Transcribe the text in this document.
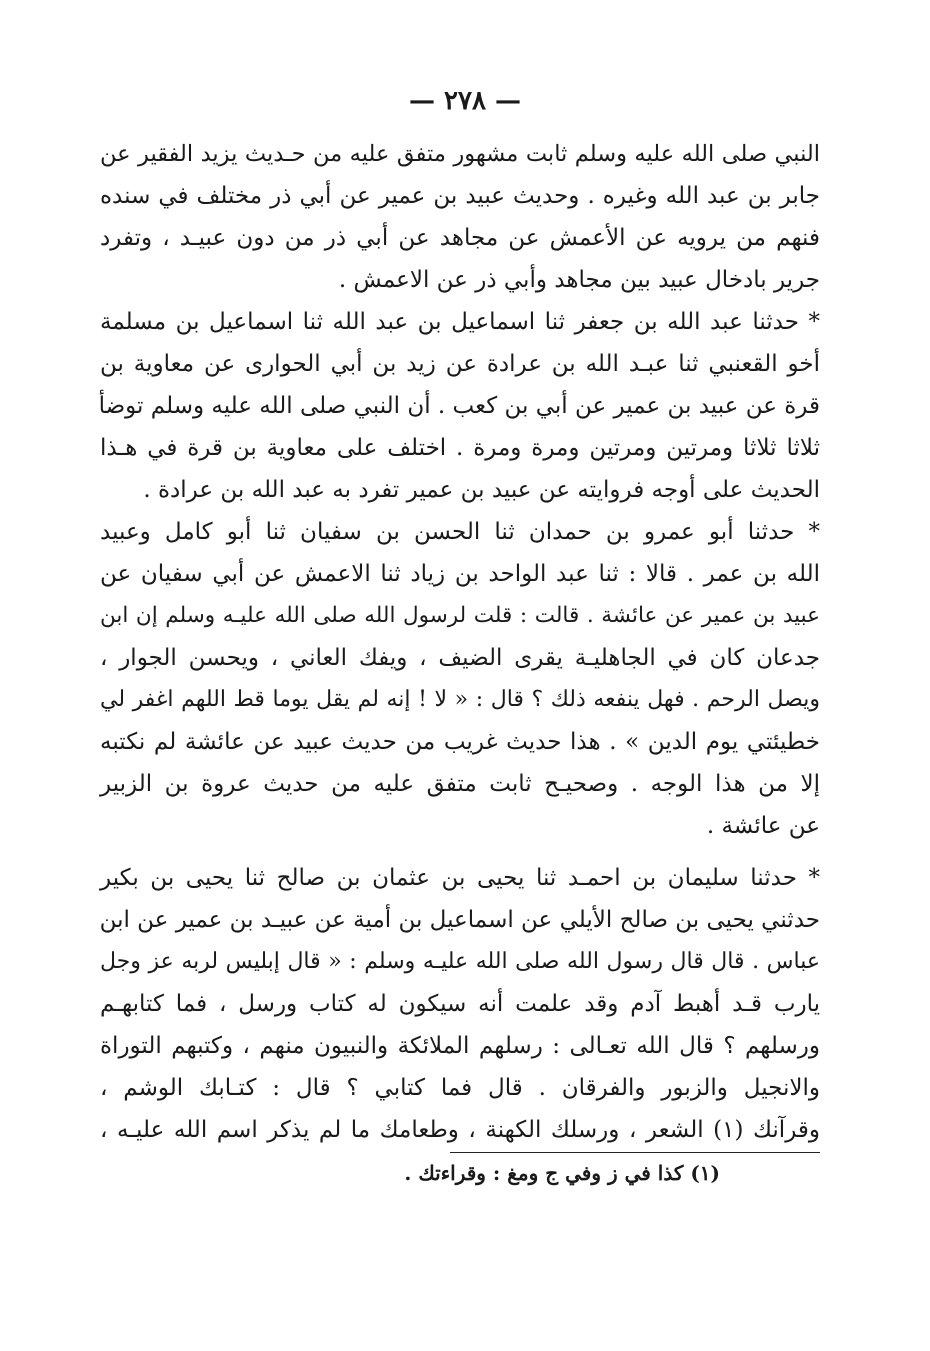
— ٢٧٨ —
النبي صلى الله عليه وسلم ثابت مشهور متفق عليه من حـديث يزيد الفقير عن
جابر بن عبد الله وغيره . وحديث عبيد بن عمير عن أبي ذر مختلف في سنده
فنهم من يرويه عن الأعمش عن مجاهد عن أبي ذر من دون عبيـد ، وتفرد
جرير بادخال عبيد بين مجاهد وأبي ذر عن الاعمش .
* حدثنا عبد الله بن جعفر ثنا اسماعيل بن عبد الله ثنا اسماعيل بن مسلمة
أخو القعنبي ثنا عبـد الله بن عرادة عن زيد بن أبي الحوارى عن معاوية بن
قرة عن عبيد بن عمير عن أبي بن كعب . أن النبي صلى الله عليه وسلم توضأ
ثلاثا ثلاثا ومرتين ومرتين ومرة ومرة . اختلف على معاوية بن قرة في هـذا
الحديث على أوجه فروايته عن عبيد بن عمير تفرد به عبد الله بن عرادة .
* حدثنا أبو عمرو بن حمدان ثنا الحسن بن سفيان ثنا أبو كامل وعبيد
الله بن عمر . قالا : ثنا عبد الواحد بن زياد ثنا الاعمش عن أبي سفيان عن
عبيد بن عمير عن عائشة . قالت : قلت لرسول الله صلى الله عليـه وسلم إن ابن
جدعان كان في الجاهليـة يقرى الضيف ، ويفك العاني ، ويحسن الجوار ،
ويصل الرحم . فهل ينفعه ذلك ؟ قال : « لا ! إنه لم يقل يوما قط اللهم اغفر لي
خطيئتي يوم الدين » . هذا حديث غريب من حديث عبيد عن عائشة لم نكتبه
إلا من هذا الوجه . وصحيـح ثابت متفق عليه من حديث عروة بن الزبير
عن عائشة .
* حدثنا سليمان بن احمـد ثنا يحيى بن عثمان بن صالح ثنا يحيى بن بكير
حدثني يحيى بن صالح الأيلي عن اسماعيل بن أمية عن عبيـد بن عمير عن ابن
عباس . قال قال رسول الله صلى الله عليـه وسلم : « قال إبليس لربه عز وجل
يارب قـد أهبط آدم وقد علمت أنه سيكون له كتاب ورسل ، فما كتابهـم
ورسلهم ؟ قال الله تعـالى : رسلهم الملائكة والنبيون منهم ، وكتبهم التوراة
والانجيل والزبور والفرقان . قال فما كتابي ؟ قال : كتـابك الوشم ،
وقرآنك (١) الشعر ، ورسلك الكهنة ، وطعامك ما لم يذكر اسم الله عليـه ،
(١) كذا في ز وفي ج ومغ : وقراءتك .
